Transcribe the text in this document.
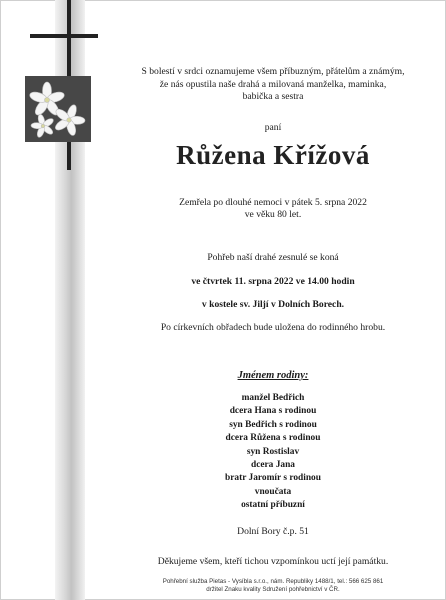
S bolestí v srdci oznamujeme všem příbuzným, přátelům a známým,
že nás opustila naše drahá a milovaná manželka, maminka,
babička a sestra
paní
Růžena Křížová
Zemřela po dlouhé nemoci v pátek 5. srpna 2022
ve věku 80 let.
Pohřeb naší drahé zesnulé se koná
ve čtvrtek 11. srpna 2022 ve 14.00 hodin
v kostele sv. Jiljí v Dolních Borech.
Po církevních obřadech bude uložena do rodinného hrobu.
Jménem rodiny:
manžel Bedřich
dcera Hana s rodinou
syn Bedřich s rodinou
dcera Růžena s rodinou
syn Rostislav
dcera Jana
bratr Jaromír s rodinou
vnoučata
ostatní příbuzní
Dolní Bory č.p. 51
Děkujeme všem, kteří tichou vzpomínkou uctí její památku.
Pohřební služba Pietas - Vysíbla s.r.o., nám. Republiky 1488/1, tel.: 566 625 861
držitel Znaku kvality Sdružení pohřebnictví v ČR.
